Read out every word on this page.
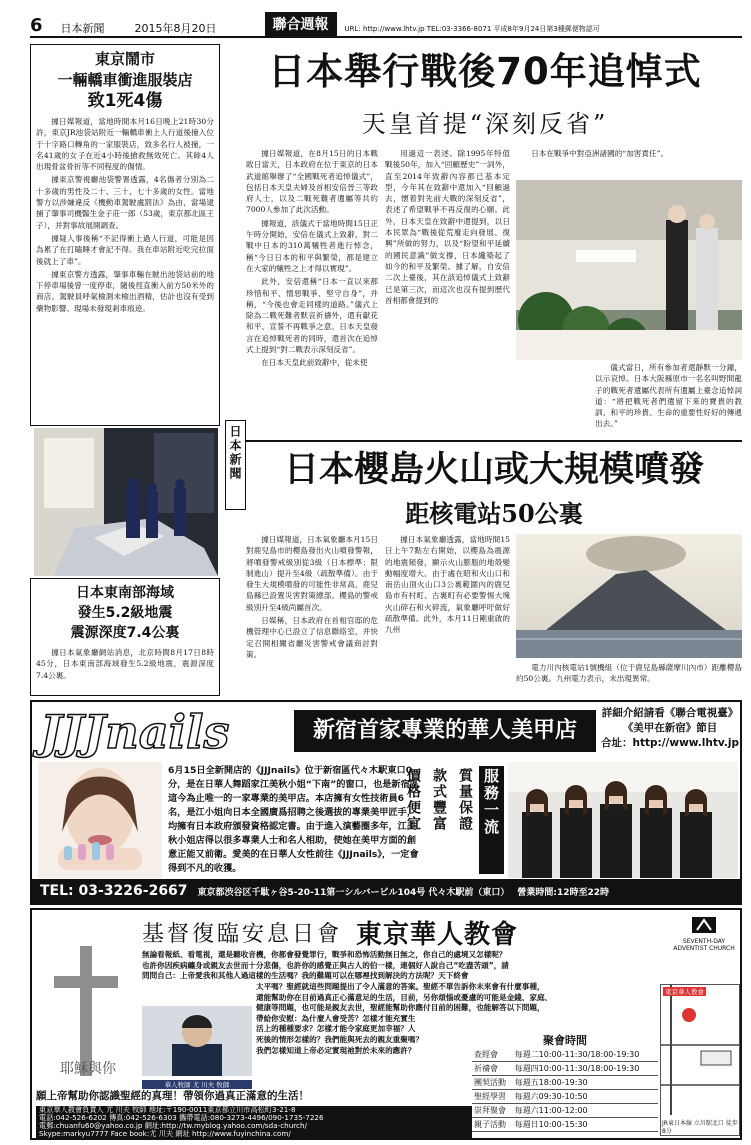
6 日本新聞	2015年8月20日	聯合週報	URL: http://www.lhtv.jp TEL:03-3366-8071 平成8年9月24日第3種郵便物認可
東京鬧市
一輛轎車衝進服裝店
致1死4傷

據日媒報道，當地時間本月16日晚上21時30分許，東京JR池袋站附近一輛轎車衝上人行道後撞入位于十字路口轉角的一家服裝店，致多名行人被撞，一名41歲的女子在近4小時後搶救無效死亡。其餘4人出現骨盆骨折等不同程度的傷情。

據東京警視廳池袋警署透露，4名傷者分別為二十多歲的男性及二十、三十、七十多歲的女性。當地警方以涉嫌違反《機動車駕駛處罰法》為由，當場逮捕了肇事司機醫生金子莊一郎（53歲，東京都北區王子），并對事故展開調查。

據疑人事後稱“不記得衝上過人行道，可能是因為累了在打瞌睡才會記不得。我在車站附近吃完拉面後就上了車”。

據東京警方透露，肇事車輛在駛出池袋站前的地下停車場後曾一度停車，隨後徑直衝入前方50米外的商店。駕駛員呼氣檢測未檢出酒精，估計也沒有受到藥物影響。現場未發現剎車痕迹。

日本東南部海域
發生5.2級地震
震源深度7.4公裏

據日本氣象廳網站消息，北京時間8月17日8時45分，日本東南部海域發生5.2級地震，震源深度7.4公裏。

日本新聞
日本舉行戰後70年追悼式
天皇首提“深刻反省”

據日媒報道，在8月15日的日本戰敗日當天，日本政府在位于東京的日本武道館舉辦了“全國戰死者追悼儀式”，包括日本天皇夫婦及首相安倍晉三等政府人士，以及二戰死難者遺屬等共約7000人參加了此次活動。

據報道，該儀式于當地時間15日正午時分開始，安倍在儀式上致辭，對二戰中日本的310萬犧牲者進行悼念，稱“今日日本的和平與繁榮，都是建立在大家的犧牲之上才得以實現”。

此外，安倍還稱“日本一直以來都珍惜和平、憎惡戰爭、堅守自身”，并稱，“今後也會走同樣的道路。”儀式上除為二戰死難者默哀祈禱外，還有獻花和平、宣誓不再戰爭之意。日本天皇發言在追悼戰死者的同時，還首次在追悼式上提到“對二戰表示深刻反省”。

在日本天皇此前致辭中，從未使

用過這一表述。除1995年特值戰後50年，加入“回顧歷史”一詞外，直至2014年致辭內容都已基本定型，今年其在致辭中還加入“回顧過去，懷着對先前大戰的深刻反省”，表述了希望戰爭不再反復的心願。此外，日本天皇在致辭中還提到，以日本民眾為“戰後從荒廢走向發展、復興”所做的努力，以及“盼望和平延續的國民意識”做支撐，日本纔築起了如今的和平及繁榮。據了解，自安倍二次上臺後，其在該追悼儀式上致辭已是第三次，而這次也沒有提到歷代首相都會提到的

日本在戰爭中對亞洲諸國的“加害責任”。

儀式當日，所有參加者還靜默一分鐘，以示哀悼。日本大阪縣原市一名名叫野間龍子的戰死者遺屬代表所有遺屬上臺念追悼詞道：“將把戰死者們遺留下來的寶貴的教訓、和平的珍貴、生命的重要性好好的傳遞出去。”

日本櫻島火山或大規模噴發
距核電站50公裏

據日媒報道，日本氣象廳本月15日對鹿兒島市的櫻島發出火山噴發警報，將噴發警戒級別從3級（日本標準；限制進山）提升至4級（疏散準備）。由于發生大規模噴發的可能性非常高，鹿兒島縣已設置災害對策總部。櫻島的警戒級別升至4級尚屬首次。

日媒稱，日本政府在首相官邸的危機管理中心已設立了信息聯絡室，并快定召開相關省廳災害警戒會議商討對策。

據日本氣象廳透露，當地時間15日上午7點左右開始，以櫻島為震源的地震頻發，顯示火山膨脹的地殼變動幅度增大。由于處在昭和火山口和南岳山頂火山口3公裏範圍內的鹿兒島市有村町、古裏町有必要警惕大塊火山碎石和火碎流，氣象廳呼吁做好疏散準備。此外，本月11日剛重啟的九州

電力川內核電站1號機組（位于鹿兒島縣薩摩川內市）距離櫻島約50公裏。九州電力表示，未出現異常。

JJJnails	新宿首家專業的華人美甲店
詳細介紹請看《聯合電視臺》
《美甲在新宿》節目
合址：http://www.lhtv.jp
6月15日全新開店的《JJJnails》位于新宿區代々木駅東口0分，是在日華人舞蹈家江美秋小姐“下南”的窗口，也是新宿區這今為止唯一的一家專業的美甲店。本店擁有女性技術員6名，是江小姐向日本全國廣爲招聘之後選拔的專業美甲匠手，均擁有日本政府頒發資格認定書。由于進入演藝圈多年，江美秋小姐店得以很多專業人士和名人相助，使她在美甲方面的創意正能又前衛。愛美的在日華人女性前往《JJJnails》，一定會得到不凡的收獲。
服務一流
質量保證
款式豐富
價格便宜
TEL: 03-3226-2667 東京都渋谷区千駄ヶ谷5-20-11第一シルバービル104号 代々木駅前（東口） 營業時間:12時至22時
基督復臨安息日會 東京華人教會	SEVENTH-DAY ADVENTIST CHURCH
耶穌與你
華人牧師 尤 川夫 牧師
無論看報紙、看電視，還是聽收音機，你都會發覺罪行，戰爭和恐怖活動無日無之，你自己的處境又怎樣呢？
也許你因疾病纏身或親友去世而十分悲傷，也許你的感覺正與古人的伯一樣，連個好人說自己“吃盡苦頭”，請
問問自己：上帝愛我和其他人過這樣的生活嗎？我的難題可以在哪裡找到解決的方法呢？天下終會
太平嗎？聖經就這些問題提出了令人滿意的答案。聖經不單告訴你未來會有什麼事種，
還能幫助你在目前過真正心滿意足的生活，目前，另你煩惱或憂慮的可能是金錢、家庭、
健康等問題，也可能是親友去世，聖經能幫助你應付目前的困難，也能解答以下問題，
帶給你安慰：為什麼人會受苦？怎樣才能充實生
活上的種種要求？怎樣才能令家庭更加幸福？人
死後的情形怎樣的？我們能與死去的親友重聚嗎？
我們怎樣知道上帝必定實現祂對於未來的應許？
聚會時間
查經會	每週二10:00-11:30/18:00-19:30
祈禱會	每週四10:00-11:30/18:00-19:30
團契活動	每週五18:00-19:30
聖經學習	每週六09:30-10:50
崇拜聚會	每週六11:00-12:00
親子活動	每週日10:00-15:30
東京華人教會
JR東日本線 立川駅北口 徒歩8分
願上帝幫助你認識聖經的真理！帶領你過真正滿意的生活！
東京華人教會負責人 尤 川夫 牧師 地址:〒190-0011東京都立川市高松町3-21-8
電話:042-526-6202 傳真:042-526-6303 攜帶電話:080-3273-4496/090-1735-7226
電郵:chuanfu60@yahoo.co.jp 網址:http://tw.myblog.yahoo.com/sda-church/
Skype:markyu7777 Face book:尤 川夫 網址 http://www.fuyinchina.com/
